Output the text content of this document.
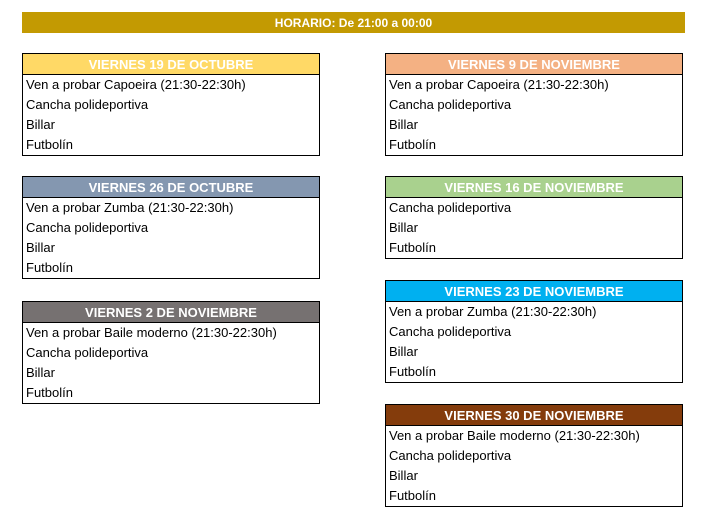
HORARIO: De 21:00 a 00:00
VIERNES 19 DE OCTUBRE
Ven a probar Capoeira (21:30-22:30h)
Cancha polideportiva
Billar
Futbolín
VIERNES 9 DE NOVIEMBRE
Ven a probar Capoeira (21:30-22:30h)
Cancha polideportiva
Billar
Futbolín
VIERNES 26 DE OCTUBRE
Ven a probar Zumba (21:30-22:30h)
Cancha polideportiva
Billar
Futbolín
VIERNES 16 DE NOVIEMBRE
Cancha polideportiva
Billar
Futbolín
VIERNES 2 DE NOVIEMBRE
Ven a probar Baile moderno (21:30-22:30h)
Cancha polideportiva
Billar
Futbolín
VIERNES 23 DE NOVIEMBRE
Ven a probar Zumba (21:30-22:30h)
Cancha polideportiva
Billar
Futbolín
VIERNES 30 DE NOVIEMBRE
Ven a probar Baile moderno (21:30-22:30h)
Cancha polideportiva
Billar
Futbolín
